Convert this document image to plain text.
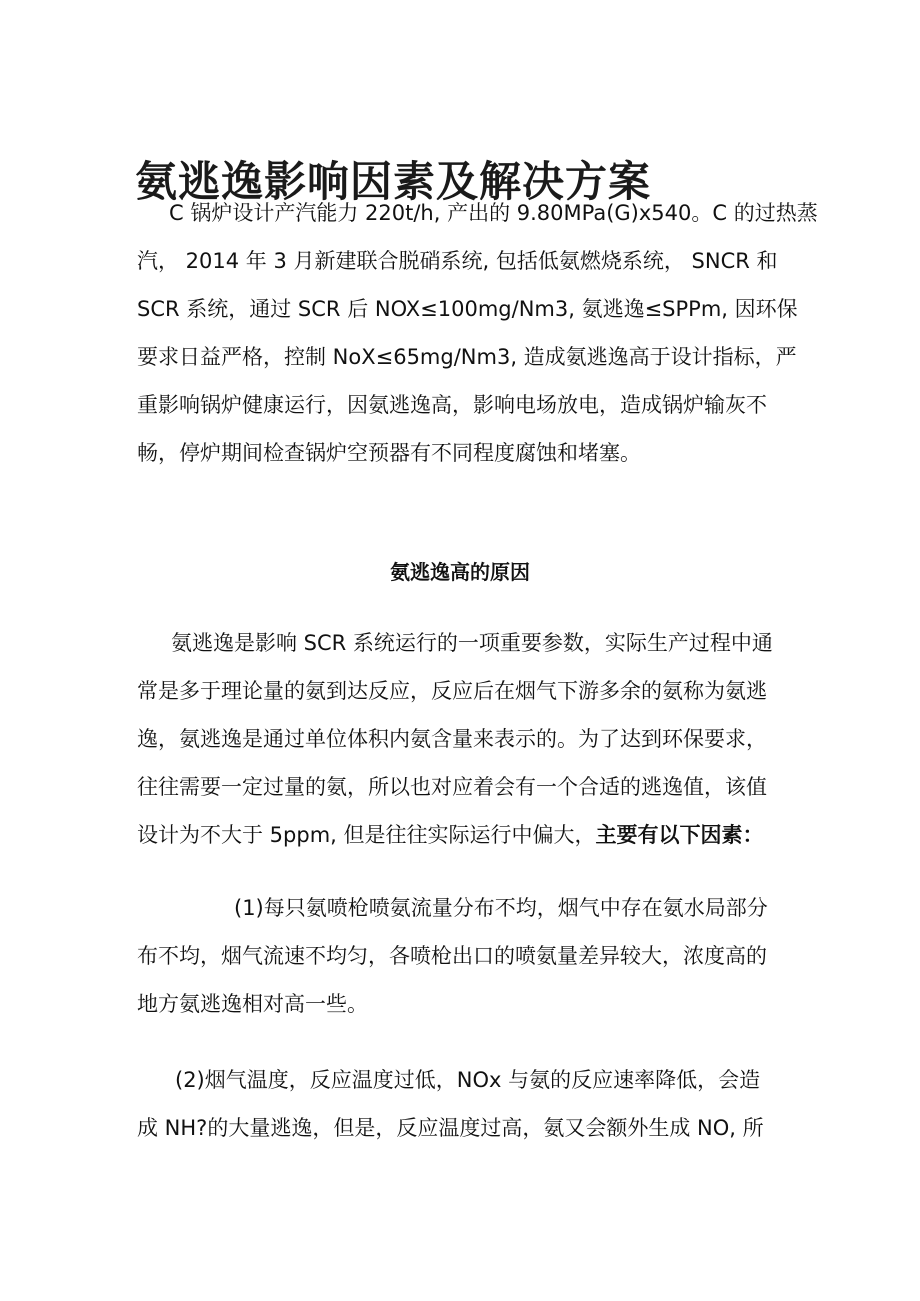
氨逃逸影响因素及解决方案

C 锅炉设计产汽能力 220t/h, 产出的 9.80MPa(G)x540。C 的过热蒸
汽， 2014 年 3 月新建联合脱硝系统, 包括低氨燃烧系统， SNCR 和
SCR 系统，通过 SCR 后 NOX≤100mg/Nm3, 氨逃逸≤SPPm, 因环保
要求日益严格，控制 NoX≤65mg/Nm3, 造成氨逃逸高于设计指标，严
重影响锅炉健康运行，因氨逃逸高，影响电场放电，造成锅炉输灰不
畅，停炉期间检查锅炉空预器有不同程度腐蚀和堵塞。

氨逃逸高的原因

氨逃逸是影响 SCR 系统运行的一项重要参数，实际生产过程中通
常是多于理论量的氨到达反应，反应后在烟气下游多余的氨称为氨逃
逸，氨逃逸是通过单位体积内氨含量来表示的。为了达到环保要求，
往往需要一定过量的氨，所以也对应着会有一个合适的逃逸值，该值
设计为不大于 5ppm, 但是往往实际运行中偏大，主要有以下因素：

(1)每只氨喷枪喷氨流量分布不均，烟气中存在氨水局部分
布不均，烟气流速不均匀，各喷枪出口的喷氨量差异较大，浓度高的
地方氨逃逸相对高一些。

(2)烟气温度，反应温度过低，NOx 与氨的反应速率降低，会造
成 NH?的大量逃逸，但是，反应温度过高，氨又会额外生成 NO, 所
